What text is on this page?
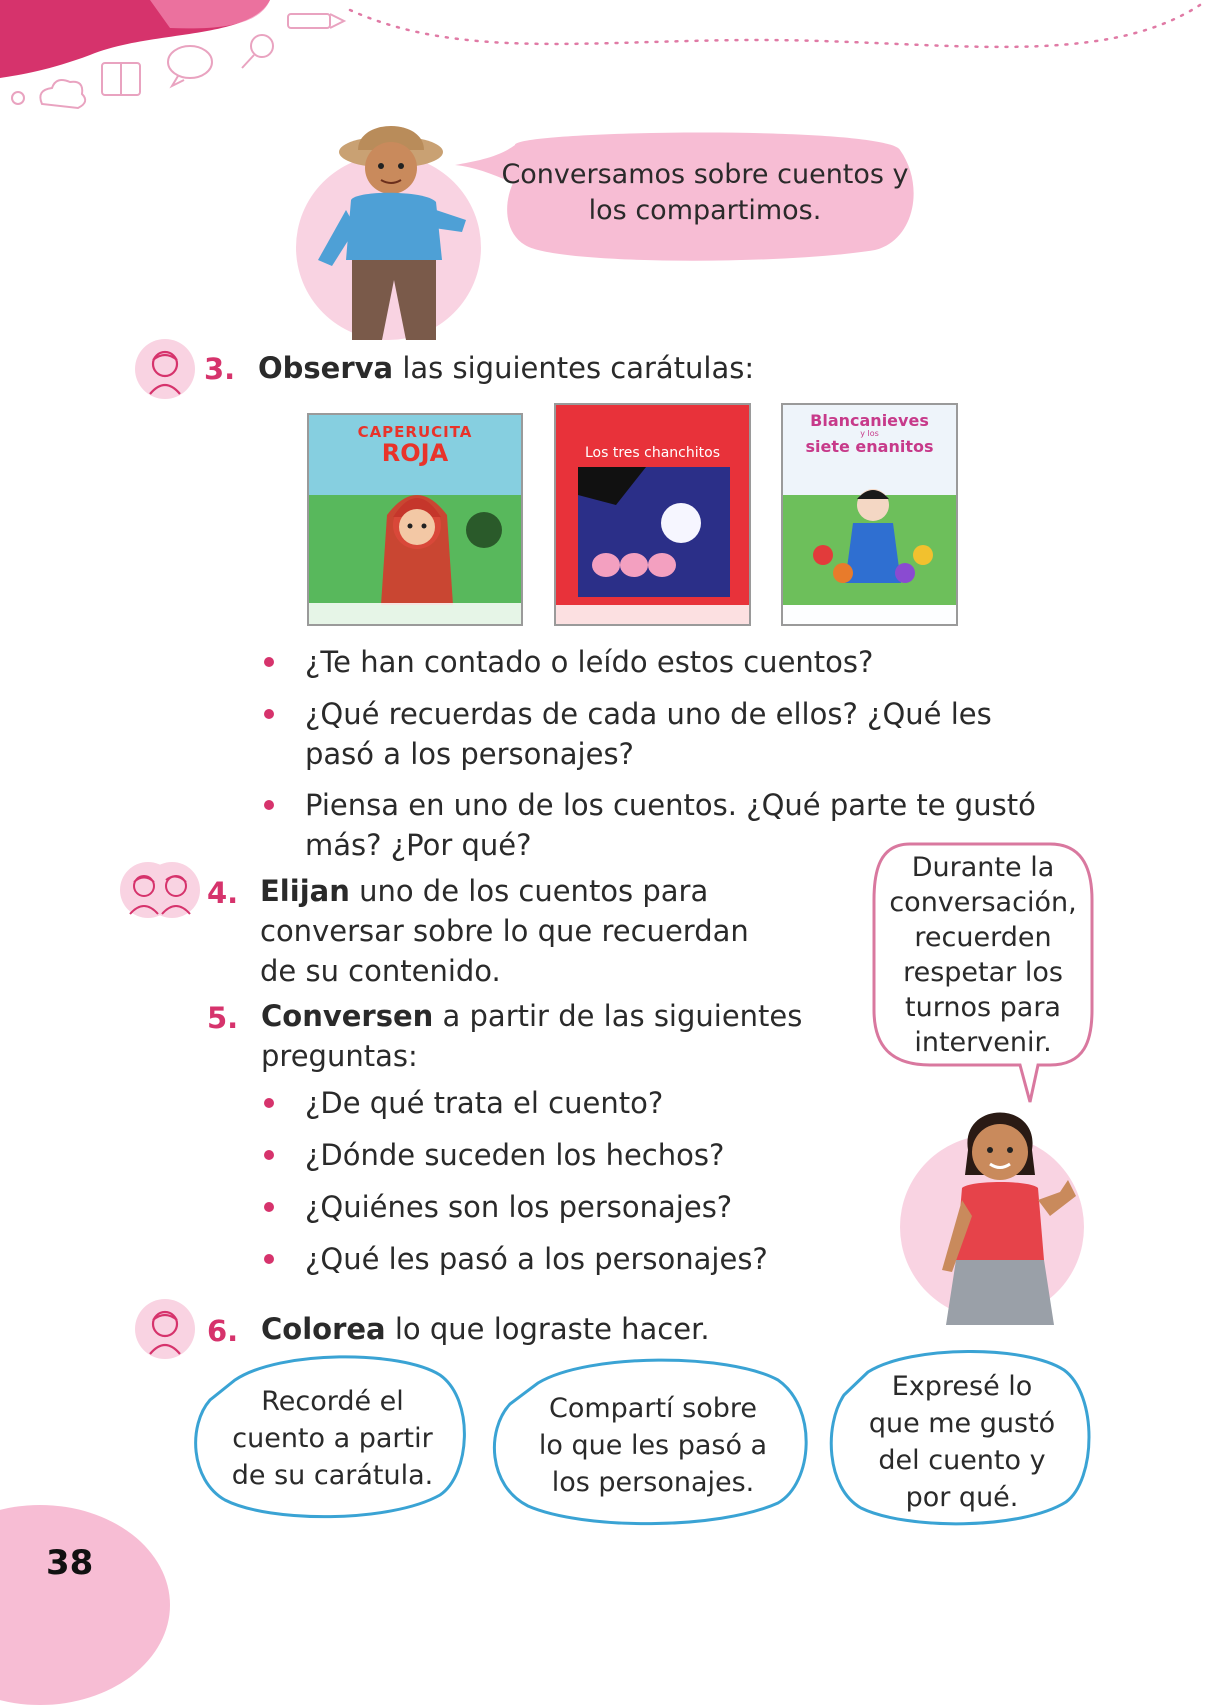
Conversamos sobre cuentos y los compartimos.
3. Observa las siguientes carátulas:
CAPERUCITA
ROJA	Los tres chanchitos
Blancanieves
y los
siete enanitos
¿Te han contado o leído estos cuentos?
¿Qué recuerdas de cada uno de ellos? ¿Qué les
pasó a los personajes?
Piensa en uno de los cuentos. ¿Qué parte te gustó
más? ¿Por qué?
4. Elijan uno de los cuentos para
conversar sobre lo que recuerdan
de su contenido.
5. Conversen a partir de las siguientes
preguntas:
¿De qué trata el cuento?
¿Dónde suceden los hechos?
¿Quiénes son los personajes?
¿Qué les pasó a los personajes?
Durante la
conversación,
recuerden
respetar los
turnos para
intervenir.
6. Colorea lo que lograste hacer.
Recordé el
cuento a partir
de su carátula.
Compartí sobre
lo que les pasó a
los personajes.
Expresé lo
que me gustó
del cuento y
por qué.
38
